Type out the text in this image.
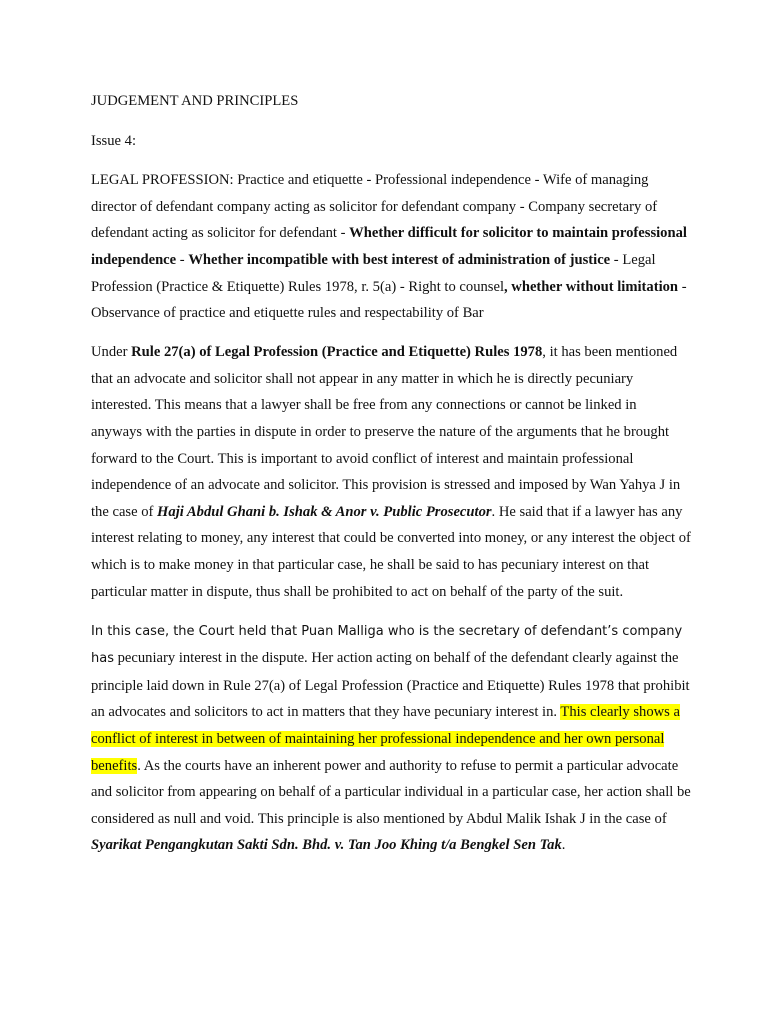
JUDGEMENT AND PRINCIPLES

Issue 4:

LEGAL PROFESSION: Practice and etiquette - Professional independence - Wife of managing director of defendant company acting as solicitor for defendant company - Company secretary of defendant acting as solicitor for defendant - Whether difficult for solicitor to maintain professional independence - Whether incompatible with best interest of administration of justice - Legal Profession (Practice & Etiquette) Rules 1978, r. 5(a) - Right to counsel, whether without limitation - Observance of practice and etiquette rules and respectability of Bar

Under Rule 27(a) of Legal Profession (Practice and Etiquette) Rules 1978, it has been mentioned that an advocate and solicitor shall not appear in any matter in which he is directly pecuniary interested. This means that a lawyer shall be free from any connections or cannot be linked in anyways with the parties in dispute in order to preserve the nature of the arguments that he brought forward to the Court. This is important to avoid conflict of interest and maintain professional independence of an advocate and solicitor. This provision is stressed and imposed by Wan Yahya J in the case of Haji Abdul Ghani b. Ishak & Anor v. Public Prosecutor. He said that if a lawyer has any interest relating to money, any interest that could be converted into money, or any interest the object of which is to make money in that particular case, he shall be said to has pecuniary interest on that particular matter in dispute, thus shall be prohibited to act on behalf of the party of the suit.

In this case, the Court held that Puan Malliga who is the secretary of defendant’s company has pecuniary interest in the dispute. Her action acting on behalf of the defendant clearly against the principle laid down in Rule 27(a) of Legal Profession (Practice and Etiquette) Rules 1978 that prohibit an advocates and solicitors to act in matters that they have pecuniary interest in. This clearly shows a conflict of interest in between of maintaining her professional independence and her own personal benefits. As the courts have an inherent power and authority to refuse to permit a particular advocate and solicitor from appearing on behalf of a particular individual in a particular case, her action shall be considered as null and void. This principle is also mentioned by Abdul Malik Ishak J in the case of Syarikat Pengangkutan Sakti Sdn. Bhd. v. Tan Joo Khing t/a Bengkel Sen Tak.
